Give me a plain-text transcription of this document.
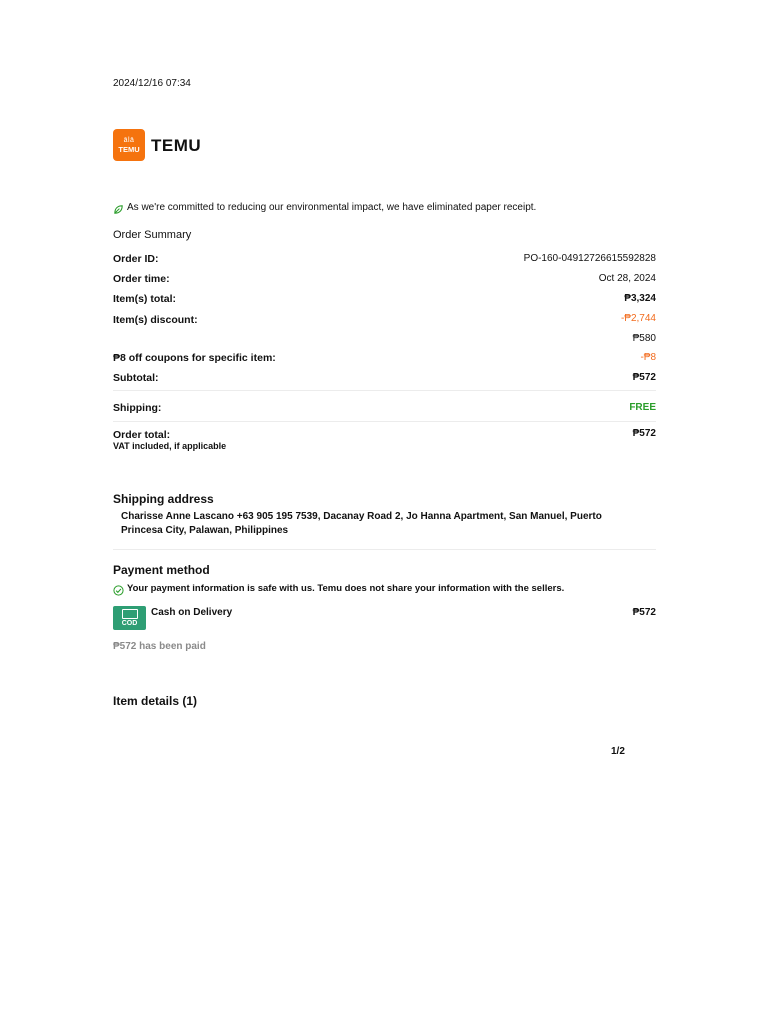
2024/12/16 07:34
ālā
TEMU TEMU
As we're committed to reducing our environmental impact, we have eliminated paper receipt.
Order Summary
Order ID:	PO-160-04912726615592828
Order time:	Oct 28, 2024
Item(s) total:	₱3,324
Item(s) discount:	-₱2,744
₱580
₱8 off coupons for specific item:	-₱8
Subtotal:	₱572
Shipping:	FREE
Order total:	₱572
VAT included, if applicable
Shipping address
Charisse Anne Lascano +63 905 195 7539, Dacanay Road 2, Jo Hanna Apartment, San Manuel, Puerto
Princesa City, Palawan, Philippines
Payment method
Your payment information is safe with us. Temu does not share your information with the sellers.
COD
Cash on Delivery	₱572
₱572 has been paid
Item details (1)
1/2
